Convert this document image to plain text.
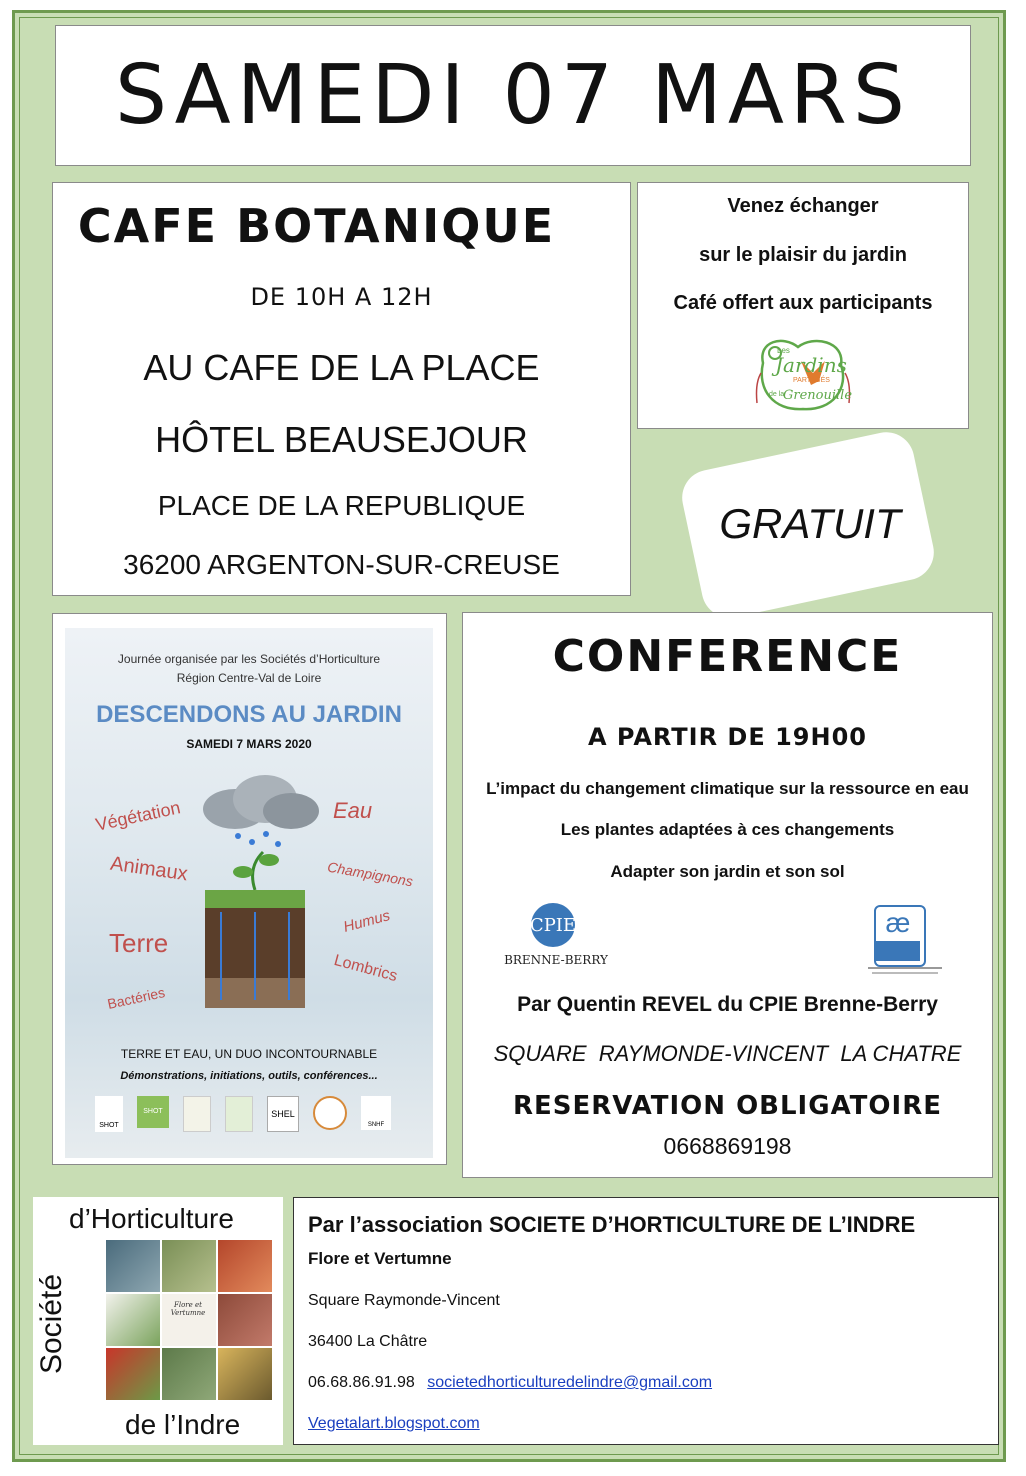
SAMEDI 07 MARS
CAFE BOTANIQUE
DE 10H A 12H
AU CAFE DE LA PLACE
HÔTEL BEAUSEJOUR
PLACE DE LA REPUBLIQUE
36200 ARGENTON-SUR-CREUSE
Venez échanger
sur le plaisir du jardin
Café offert aux participants
Les
Jardins
PARTAGÉS
de la
Grenouille
GRATUIT
Journée organisée par les Sociétés d’Horticulture
Région Centre-Val de Loire
DESCENDONS AU JARDIN
SAMEDI 7 MARS 2020
Végétation	Eau
Animaux	Champignons
Terre
Humus
Lombrics
Bactéries
TERRE ET EAU, UN DUO INCONTOURNABLE
Démonstrations, initiations, outils, conférences...
SHOT
SHOT	SHEL
SNHF
CONFERENCE
A PARTIR DE 19H00
L’impact du changement climatique sur la ressource en eau
Les plantes adaptées à ces changements
Adapter son jardin et son sol
CPIE
BRENNE-BERRY
æ
Par Quentin REVEL du CPIE Brenne-Berry
SQUARE  RAYMONDE-VINCENT  LA CHATRE
RESERVATION OBLIGATOIRE
0668869198
Société
d’Horticulture
de l’Indre
Flore et Vertumne
Par l’association SOCIETE D’HORTICULTURE DE L’INDRE
Flore et Vertumne
Square Raymonde-Vincent
36400 La Châtre
06.68.86.91.98 societedhorticulturedelindre@gmail.com
Vegetalart.blogspot.com
